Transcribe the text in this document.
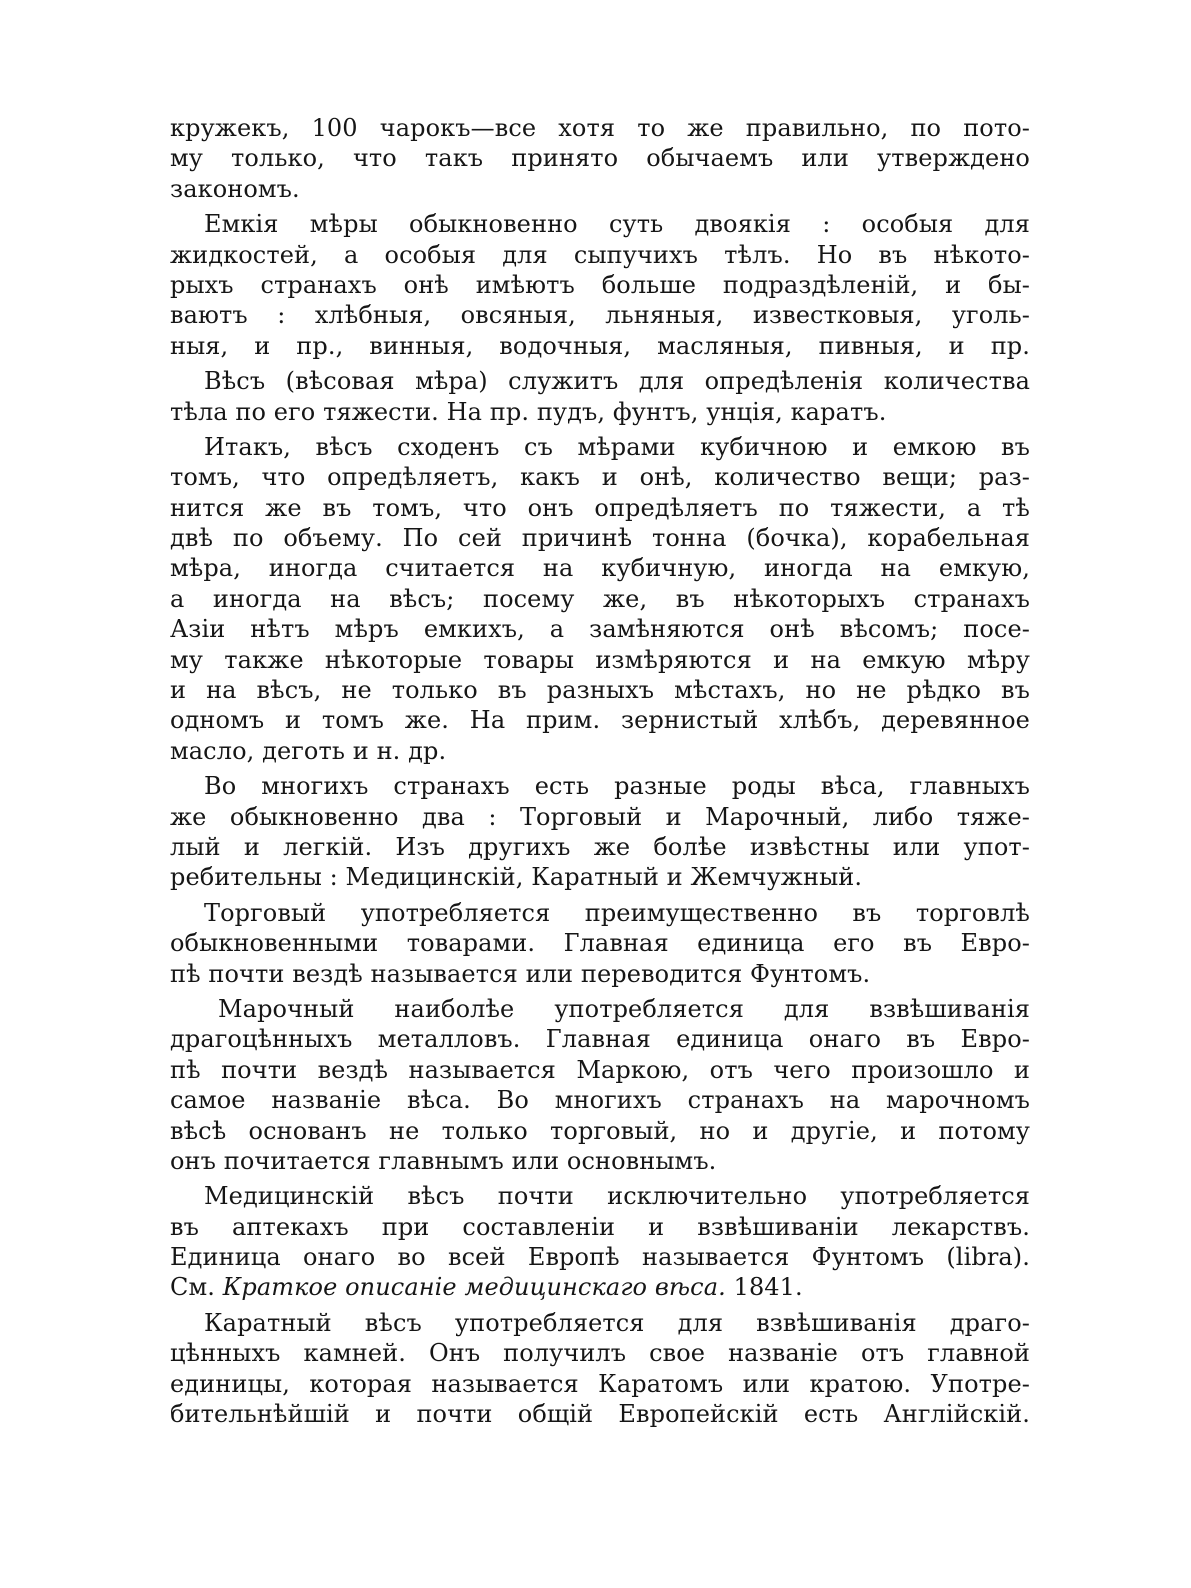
кружекъ, 100 чарокъ—все хотя то же правильно, по пото-
му только, что такъ принято обычаемъ или утверждено
закономъ.
Емкія мѣры обыкновенно суть двоякія : особыя для
жидкостей, а особыя для сыпучихъ тѣлъ. Но въ нѣкото-
рыхъ странахъ онѣ имѣютъ больше подраздѣленій, и бы-
ваютъ : хлѣбныя, овсяныя, льняныя, известковыя, уголь-
ныя, и пр., винныя, водочныя, масляныя, пивныя, и пр.
Вѣсъ (вѣсовая мѣра) служитъ для опредѣленія количества
тѣла по его тяжести. На пр. пудъ, фунтъ, унція, каратъ.
Итакъ, вѣсъ сходенъ съ мѣрами кубичною и емкою въ
томъ, что опредѣляетъ, какъ и онѣ, количество вещи; раз-
нится же въ томъ, что онъ опредѣляетъ по тяжести, а тѣ
двѣ по объему. По сей причинѣ тонна (бочка), корабельная
мѣра, иногда считается на кубичную, иногда на емкую,
а иногда на вѣсъ; посему же, въ нѣкоторыхъ странахъ
Азіи нѣтъ мѣръ емкихъ, а замѣняются онѣ вѣсомъ; посе-
му также нѣкоторые товары измѣряются и на емкую мѣру
и на вѣсъ, не только въ разныхъ мѣстахъ, но не рѣдко въ
одномъ и томъ же. На прим. зернистый хлѣбъ, деревянное
масло, деготь и н. др.
Во многихъ странахъ есть разные роды вѣса, главныхъ
же обыкновенно два : Торговый и Марочный, либо тяже-
лый и легкій. Изъ другихъ же болѣе извѣстны или упот-
ребительны : Медицинскій, Каратный и Жемчужный.
Торговый употребляется преимущественно въ торговлѣ
обыкновенными товарами. Главная единица его въ Евро-
пѣ почти вездѣ называется или переводится Фунтомъ.
Марочный наиболѣе употребляется для взвѣшиванія
драгоцѣнныхъ металловъ. Главная единица онаго въ Евро-
пѣ почти вездѣ называется Маркою, отъ чего произошло и
самое названіе вѣса. Во многихъ странахъ на марочномъ
вѣсѣ основанъ не только торговый, но и другіе, и потому
онъ почитается главнымъ или основнымъ.
Медицинскій вѣсъ почти исключительно употребляется
въ аптекахъ при составленіи и взвѣшиваніи лекарствъ.
Единица онаго во всей Европѣ называется Фунтомъ (libra).
См. Краткое описаніе медицинскаго вѣса. 1841.
Каратный вѣсъ употребляется для взвѣшиванія драго-
цѣнныхъ камней. Онъ получилъ свое названіе отъ главной
единицы, которая называется Каратомъ или кратою. Употре-
бительнѣйшій и почти общій Европейскій есть Англійскій.
